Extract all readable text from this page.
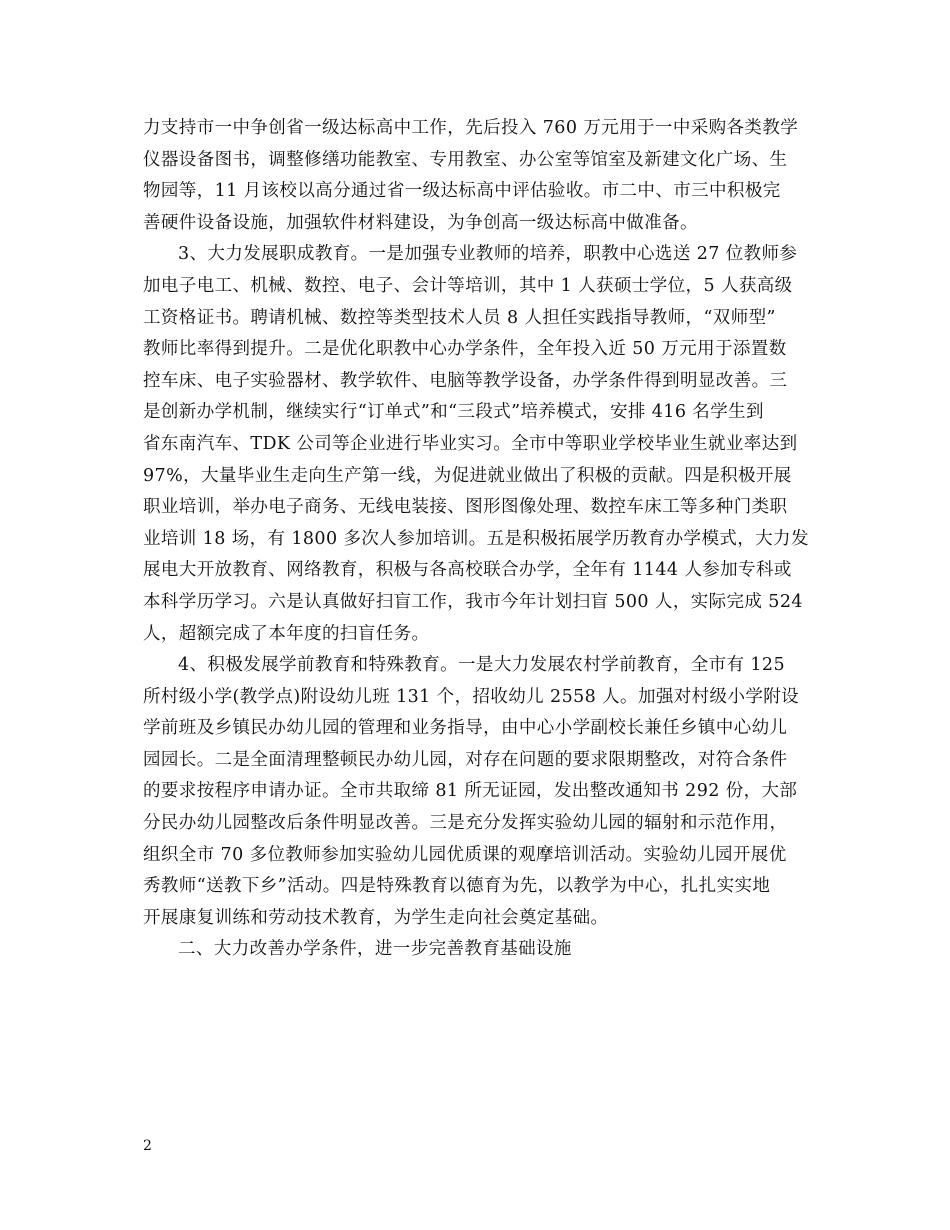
力支持市一中争创省一级达标高中工作，先后投入 760 万元用于一中采购各类教学
仪器设备图书，调整修缮功能教室、专用教室、办公室等馆室及新建文化广场、生
物园等，11 月该校以高分通过省一级达标高中评估验收。市二中、市三中积极完
善硬件设备设施，加强软件材料建设，为争创高一级达标高中做准备。

3、大力发展职成教育。一是加强专业教师的培养，职教中心选送 27 位教师参
加电子电工、机械、数控、电子、会计等培训，其中 1 人获硕士学位，5 人获高级
工资格证书。聘请机械、数控等类型技术人员 8 人担任实践指导教师，“双师型”
教师比率得到提升。二是优化职教中心办学条件，全年投入近 50 万元用于添置数
控车床、电子实验器材、教学软件、电脑等教学设备，办学条件得到明显改善。三
是创新办学机制，继续实行“订单式”和“三段式”培养模式，安排 416 名学生到
省东南汽车、TDK 公司等企业进行毕业实习。全市中等职业学校毕业生就业率达到
97%，大量毕业生走向生产第一线，为促进就业做出了积极的贡献。四是积极开展
职业培训，举办电子商务、无线电装接、图形图像处理、数控车床工等多种门类职
业培训 18 场，有 1800 多次人参加培训。五是积极拓展学历教育办学模式，大力发
展电大开放教育、网络教育，积极与各高校联合办学，全年有 1144 人参加专科或
本科学历学习。六是认真做好扫盲工作，我市今年计划扫盲 500 人，实际完成 524
人，超额完成了本年度的扫盲任务。

4、积极发展学前教育和特殊教育。一是大力发展农村学前教育，全市有 125
所村级小学(教学点)附设幼儿班 131 个，招收幼儿 2558 人。加强对村级小学附设
学前班及乡镇民办幼儿园的管理和业务指导，由中心小学副校长兼任乡镇中心幼儿
园园长。二是全面清理整顿民办幼儿园，对存在问题的要求限期整改，对符合条件
的要求按程序申请办证。全市共取缔 81 所无证园，发出整改通知书 292 份，大部
分民办幼儿园整改后条件明显改善。三是充分发挥实验幼儿园的辐射和示范作用，
组织全市 70 多位教师参加实验幼儿园优质课的观摩培训活动。实验幼儿园开展优
秀教师“送教下乡”活动。四是特殊教育以德育为先，以教学为中心，扎扎实实地
开展康复训练和劳动技术教育，为学生走向社会奠定基础。

二、大力改善办学条件，进一步完善教育基础设施

2
